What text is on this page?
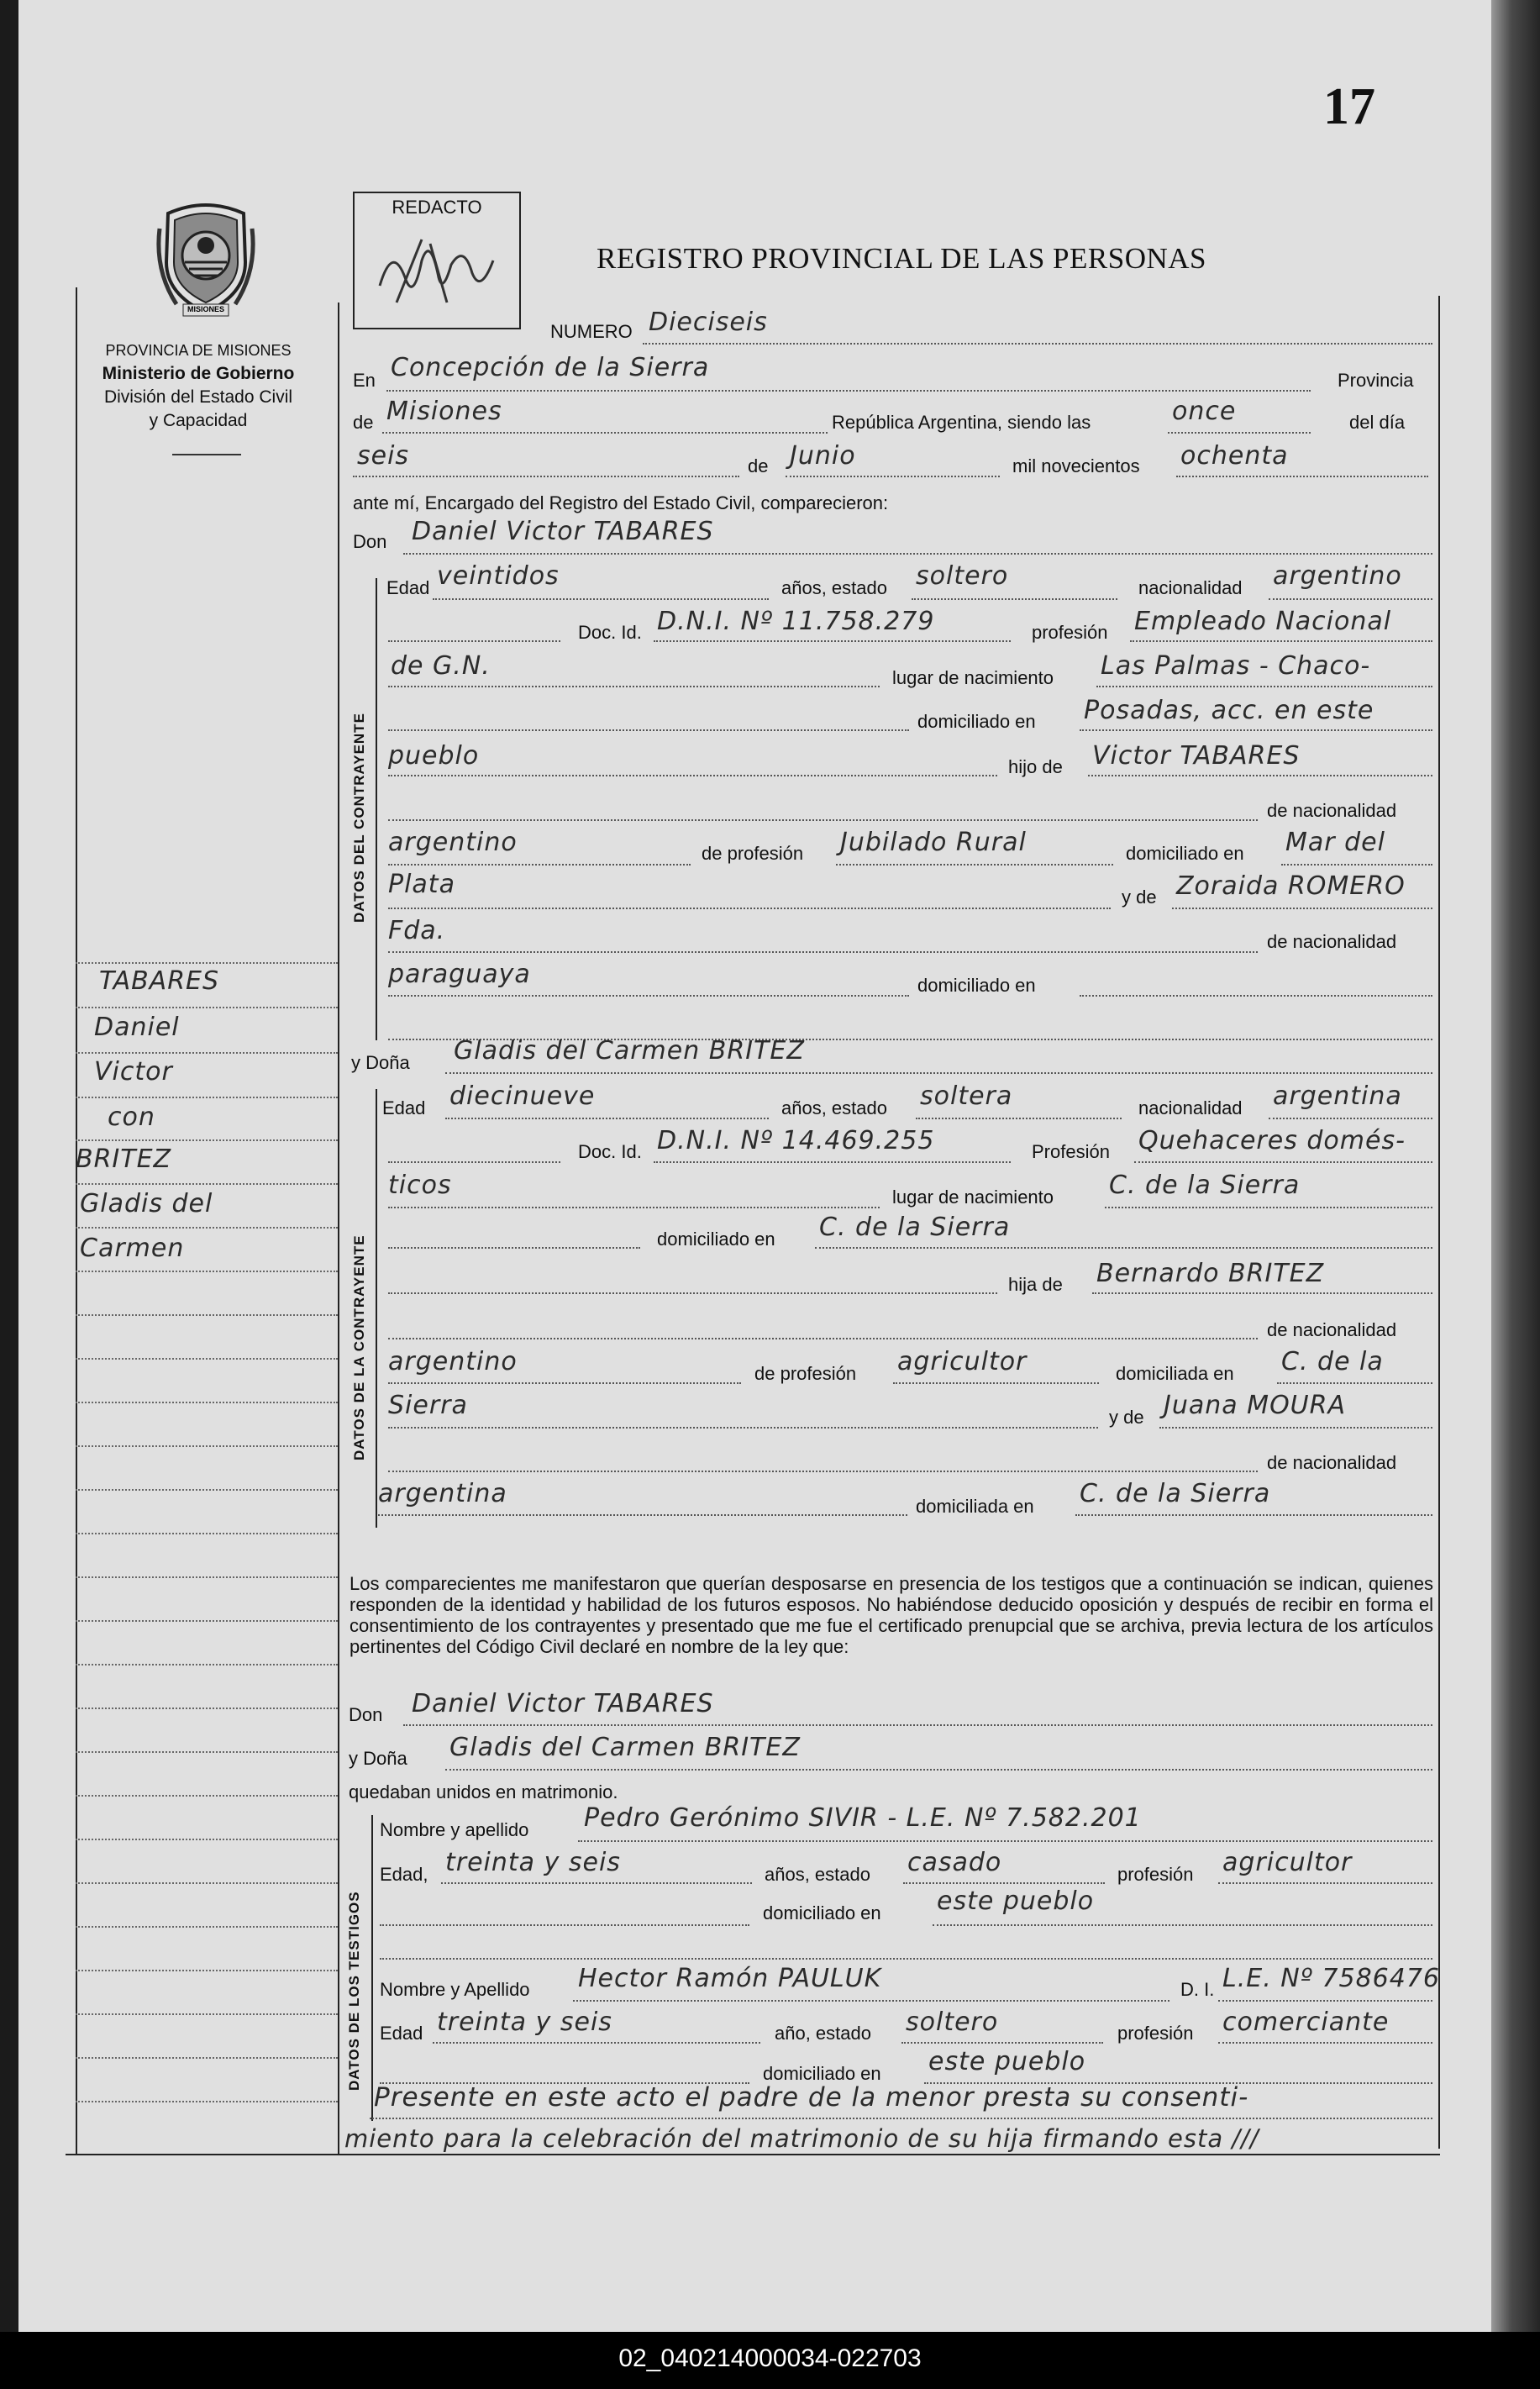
02_040214000034-022703
17
MISIONES
PROVINCIA DE MISIONES
Ministerio de Gobierno
División del Estado Civil
y Capacidad
REDACTO
REGISTRO PROVINCIAL DE LAS PERSONAS
DATOS DEL CONTRAYENTE
DATOS DE LA CONTRAYENTE
DATOS DE LOS TESTIGOS
NUMERO Dieciseis
En Concepción de la Sierra	Provincia
de Misiones	República Argentina, siendo las	once	del día
seis	de Junio	mil novecientos ochenta
ante mí, Encargado del Registro del Estado Civil, comparecieron:
Don Daniel Victor TABARES
Edad veintidos	años, estado soltero	nacionalidad argentino
Doc. Id. D.N.I. Nº 11.758.279	profesión Empleado Nacional
de G.N.	lugar de nacimiento Las Palmas - Chaco-
domiciliado en Posadas, acc. en este
pueblo	hijo de Victor TABARES
de nacionalidad
argentino	de profesión Jubilado Rural	domiciliado en Mar del
Plata	y de Zoraida ROMERO
Fda.	de nacionalidad
paraguaya	domiciliado en
y Doña Gladis del Carmen BRITEZ
Edad diecinueve	años, estado soltera	nacionalidad argentina
Doc. Id. D.N.I. Nº 14.469.255	Profesión Quehaceres domés-
ticos	lugar de nacimiento C. de la Sierra
domiciliado en C. de la Sierra
hija de Bernardo BRITEZ
de nacionalidad
argentino	de profesión agricultor	domiciliada en C. de la
Sierra	y de Juana MOURA
de nacionalidad
argentina	domiciliada en C. de la Sierra
Los comparecientes me manifestaron que querían desposarse en presencia de los testigos que a continuación se indican, quienes responden de la identidad y habilidad de los futuros esposos. No habiéndose deducido oposición y después de recibir en forma el consentimiento de los contrayentes y presentado que me fue el certificado prenupcial que se archiva, previa lectura de los artículos pertinentes del Código Civil declaré en nombre de la ley que:
Don Daniel Victor TABARES
y Doña Gladis del Carmen BRITEZ
quedaban unidos en matrimonio.
Nombre y apellido Pedro Gerónimo SIVIR - L.E. Nº 7.582.201
Edad, treinta y seis	años, estado casado	profesión agricultor
domiciliado en este pueblo
Nombre y Apellido Hector Ramón PAULUK	D. I. L.E. Nº 7586476
Edad treinta y seis	año, estado soltero	profesión comerciante
domiciliado en este pueblo
Presente en este acto el padre de la menor presta su consenti-
miento para la celebración del matrimonio de su hija firmando esta ///
TABARES
Daniel
Victor
con
BRITEZ
Gladis del
Carmen
